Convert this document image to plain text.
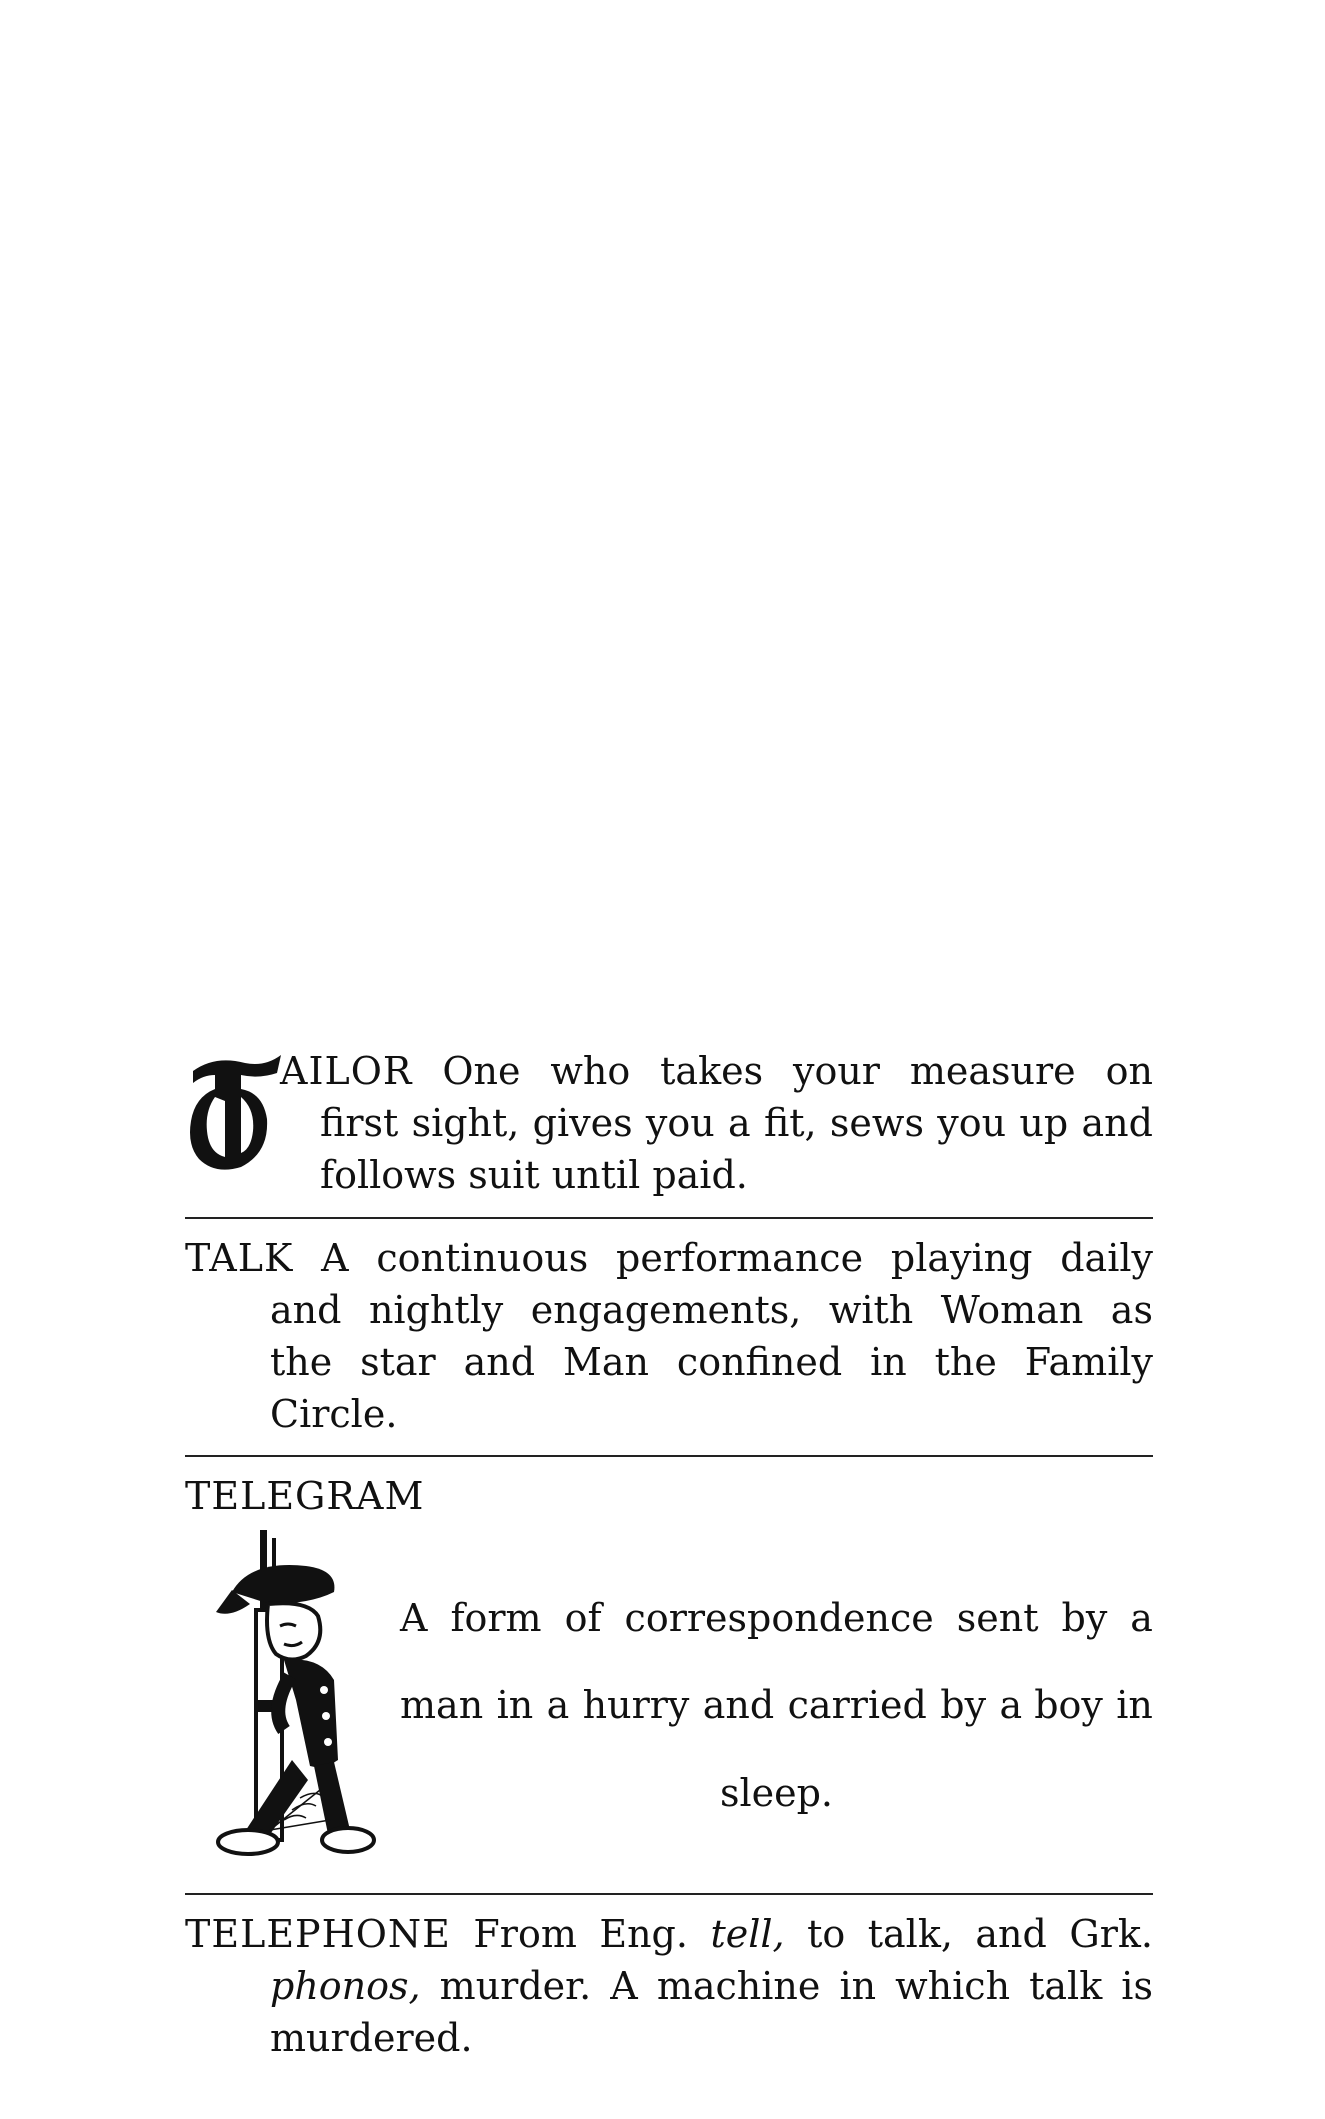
T AILOR One who takes your measure on
first sight, gives you a fit, sews you up and
follows suit until paid.
TALK A continuous performance playing daily
and nightly engagements, with Woman as
the star and Man confined in the Family
Circle.
TELEGRAM
A form of correspondence sent by a
man in a hurry and carried by a boy in
sleep.
TELEPHONE From Eng. tell, to talk, and Grk.
phonos, murder. A machine in which talk is
murdered.
